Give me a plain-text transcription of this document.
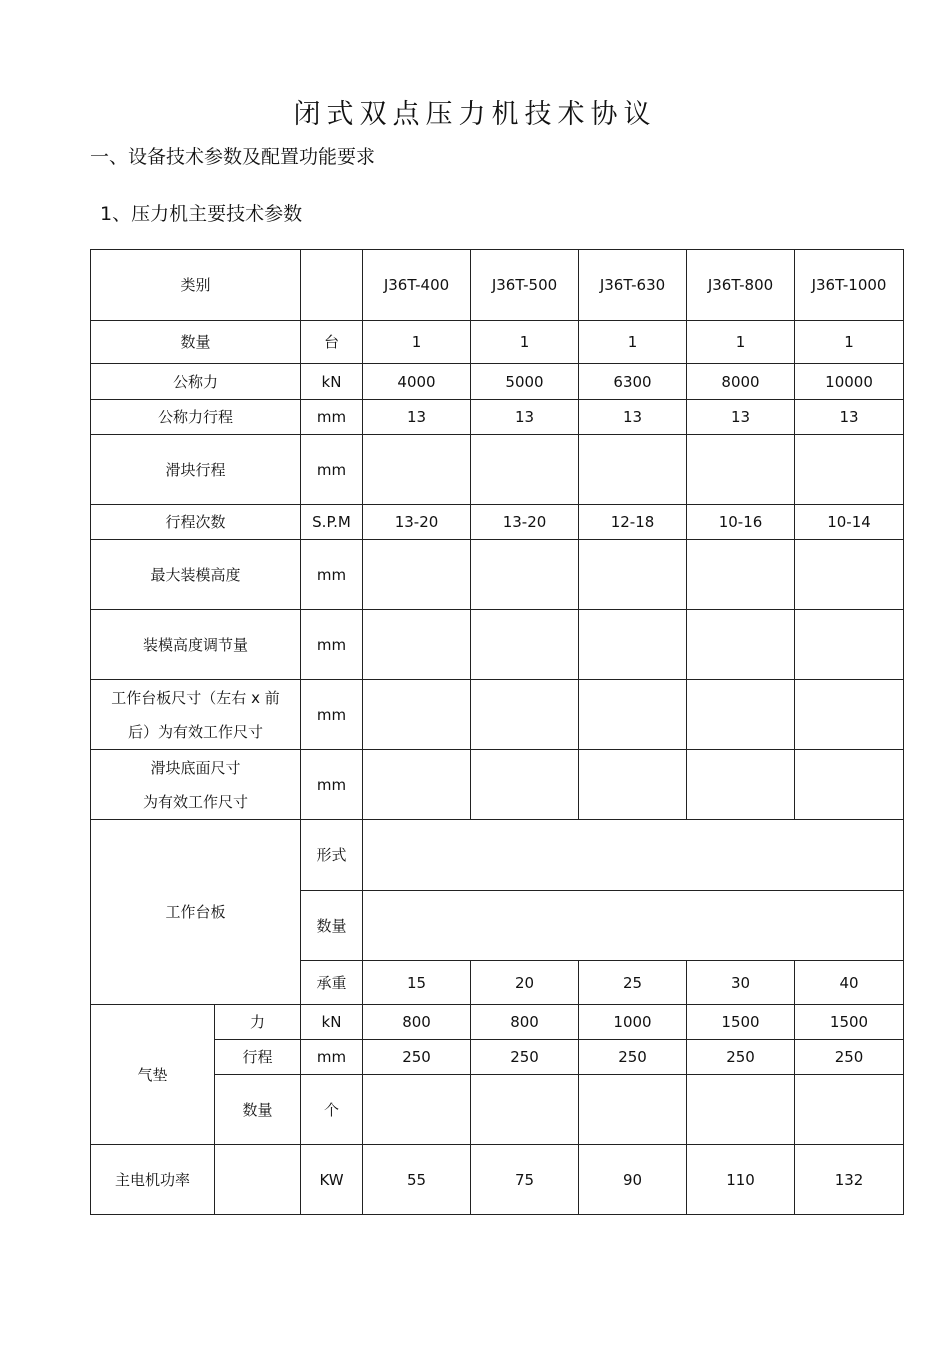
闭式双点压力机技术协议
一、设备技术参数及配置功能要求
1、压力机主要技术参数
类别			J36T-400	J36T-500	J36T-630	J36T-800	J36T-1000
数量		台	1	1	1	1	1
公称力		kN	4000	5000	6300	8000	10000
公称力行程		mm	13	13	13	13	13
滑块行程		mm					
行程次数		S.P.M	13-20	13-20	12-18	10-16	10-14
最大装模高度		mm					
装模高度调节量		mm					

工作台板尺寸（左右 x 前
后）为有效工作尺寸		mm					

滑块底面尺寸
为有效工作尺寸		mm					
工作台板		形式					
		数量					
		承重	15	20	25	30	40
气垫	力	kN	800	800	1000	1500	1500
	行程	mm	250	250	250	250	250
	数量	个					
主电机功率		KW	55	75	90	110	132
